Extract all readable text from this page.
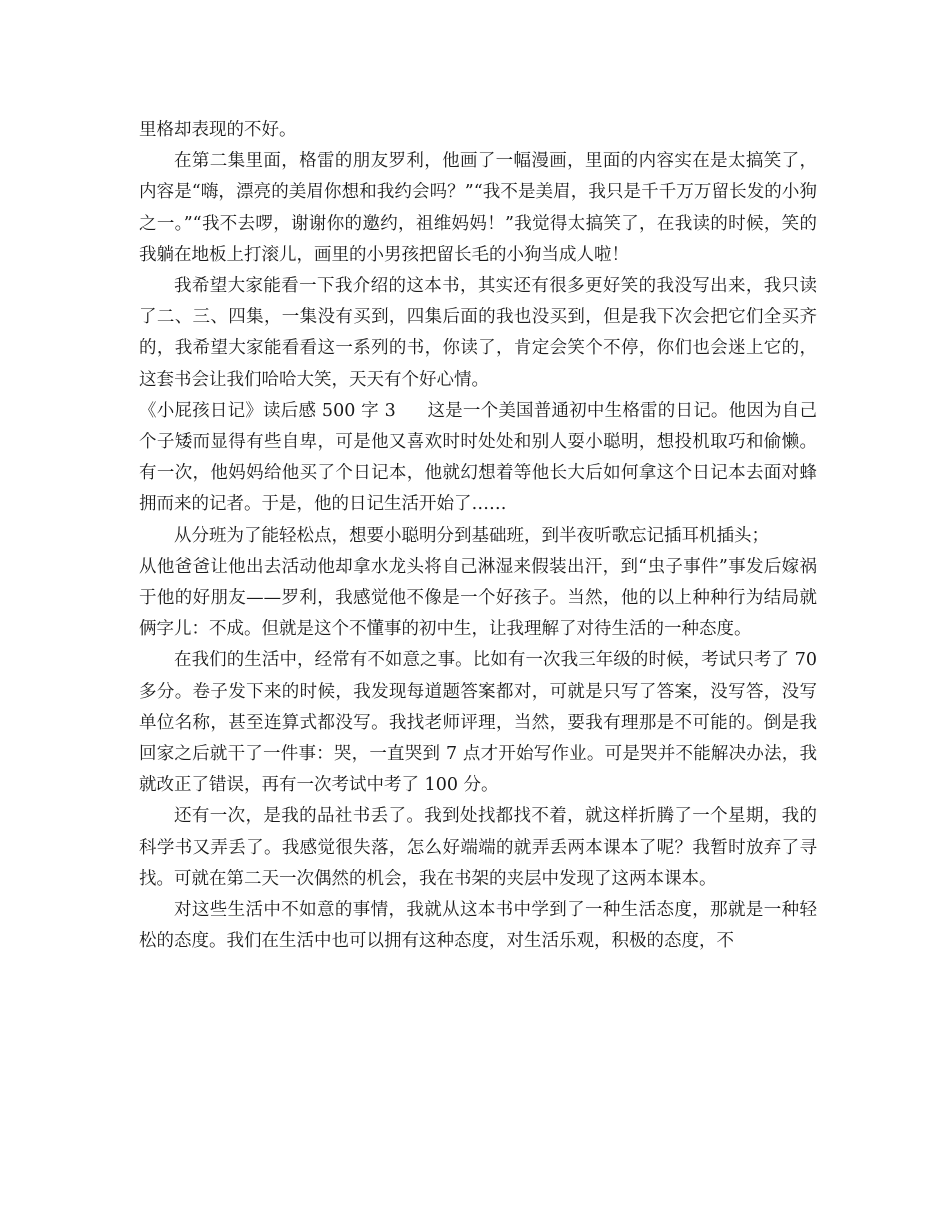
里格却表现的不好。

在第二集里面，格雷的朋友罗利，他画了一幅漫画，里面的内容实在是太搞笑了，内容是“嗨，漂亮的美眉你想和我约会吗？”“我不是美眉，我只是千千万万留长发的小狗之一。”“我不去啰，谢谢你的邀约，祖维妈妈！”我觉得太搞笑了，在我读的时候，笑的我躺在地板上打滚儿，画里的小男孩把留长毛的小狗当成人啦！

我希望大家能看一下我介绍的这本书，其实还有很多更好笑的我没写出来，我只读了二、三、四集，一集没有买到，四集后面的我也没买到，但是我下次会把它们全买齐的，我希望大家能看看这一系列的书，你读了，肯定会笑个不停，你们也会迷上它的，这套书会让我们哈哈大笑，天天有个好心情。

《小屁孩日记》读后感 500 字 3 这是一个美国普通初中生格雷的日记。他因为自己个子矮而显得有些自卑，可是他又喜欢时时处处和别人耍小聪明，想投机取巧和偷懒。有一次，他妈妈给他买了个日记本，他就幻想着等他长大后如何拿这个日记本去面对蜂拥而来的记者。于是，他的日记生活开始了……

从分班为了能轻松点，想要小聪明分到基础班，到半夜听歌忘记插耳机插头；

从他爸爸让他出去活动他却拿水龙头将自己淋湿来假装出汗，到“虫子事件”事发后嫁祸于他的好朋友——罗利，我感觉他不像是一个好孩子。当然，他的以上种种行为结局就俩字儿：不成。但就是这个不懂事的初中生，让我理解了对待生活的一种态度。

在我们的生活中，经常有不如意之事。比如有一次我三年级的时候，考试只考了 70 多分。卷子发下来的时候，我发现每道题答案都对，可就是只写了答案，没写答，没写单位名称，甚至连算式都没写。我找老师评理，当然，要我有理那是不可能的。倒是我回家之后就干了一件事：哭，一直哭到 7 点才开始写作业。可是哭并不能解决办法，我就改正了错误，再有一次考试中考了 100 分。

还有一次，是我的品社书丢了。我到处找都找不着，就这样折腾了一个星期，我的科学书又弄丢了。我感觉很失落，怎么好端端的就弄丢两本课本了呢？我暂时放弃了寻找。可就在第二天一次偶然的机会，我在书架的夹层中发现了这两本课本。

对这些生活中不如意的事情，我就从这本书中学到了一种生活态度，那就是一种轻松的态度。我们在生活中也可以拥有这种态度，对生活乐观，积极的态度，不
